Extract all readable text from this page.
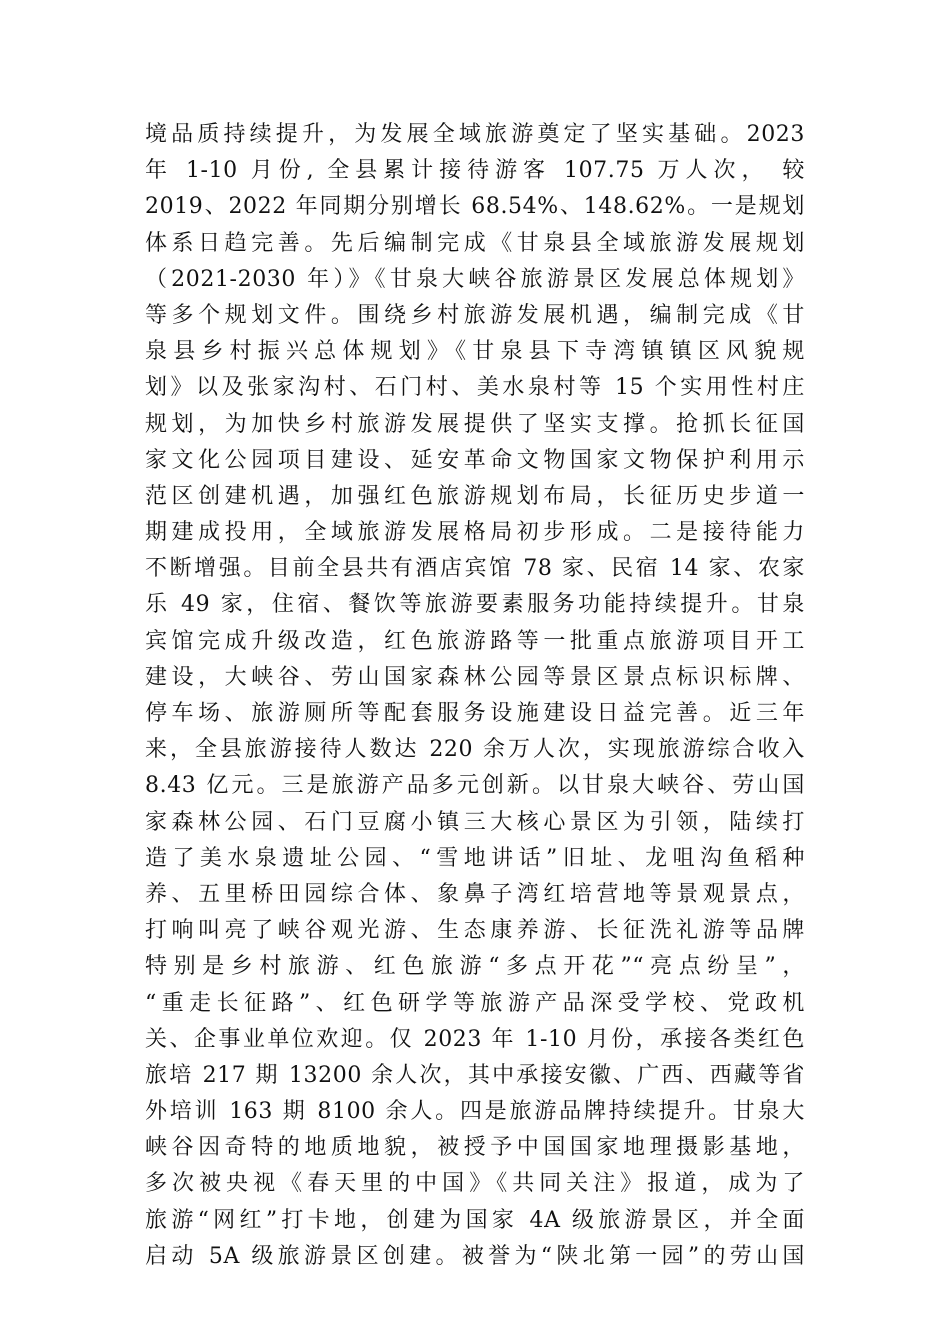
境品质持续提升，为发展全域旅游奠定了坚实基础。2023
年 1-10 月份, 全县累计接待游客 107.75 万人次， 较
2019、2022 年同期分别增长 68.54%、148.62%。一是规划
体系日趋完善。先后编制完成《甘泉县全域旅游发展规划
（2021-2030 年）》《甘泉大峡谷旅游景区发展总体规划》
等多个规划文件。围绕乡村旅游发展机遇，编制完成《甘
泉县乡村振兴总体规划》《甘泉县下寺湾镇镇区风貌规
划》以及张家沟村、石门村、美水泉村等 15 个实用性村庄
规划，为加快乡村旅游发展提供了坚实支撑。抢抓长征国
家文化公园项目建设、延安革命文物国家文物保护利用示
范区创建机遇，加强红色旅游规划布局，长征历史步道一
期建成投用，全域旅游发展格局初步形成。二是接待能力
不断增强。目前全县共有酒店宾馆 78 家、民宿 14 家、农家
乐 49 家，住宿、餐饮等旅游要素服务功能持续提升。甘泉
宾馆完成升级改造，红色旅游路等一批重点旅游项目开工
建设，大峡谷、劳山国家森林公园等景区景点标识标牌、
停车场、旅游厕所等配套服务设施建设日益完善。近三年
来，全县旅游接待人数达 220 余万人次，实现旅游综合收入
8.43 亿元。三是旅游产品多元创新。以甘泉大峡谷、劳山国
家森林公园、石门豆腐小镇三大核心景区为引领，陆续打
造了美水泉遗址公园、“雪地讲话”旧址、龙咀沟鱼稻种
养、五里桥田园综合体、象鼻子湾红培营地等景观景点，
打响叫亮了峡谷观光游、生态康养游、长征洗礼游等品牌
特别是乡村旅游、红色旅游“多点开花”“亮点纷呈”，
“重走长征路”、红色研学等旅游产品深受学校、党政机
关、企事业单位欢迎。仅 2023 年 1-10 月份，承接各类红色
旅培 217 期 13200 余人次，其中承接安徽、广西、西藏等省
外培训 163 期 8100 余人。四是旅游品牌持续提升。甘泉大
峡谷因奇特的地质地貌，被授予中国国家地理摄影基地，
多次被央视《春天里的中国》《共同关注》报道，成为了
旅游“网红”打卡地，创建为国家 4A 级旅游景区，并全面
启动 5A 级旅游景区创建。被誉为“陕北第一园”的劳山国
